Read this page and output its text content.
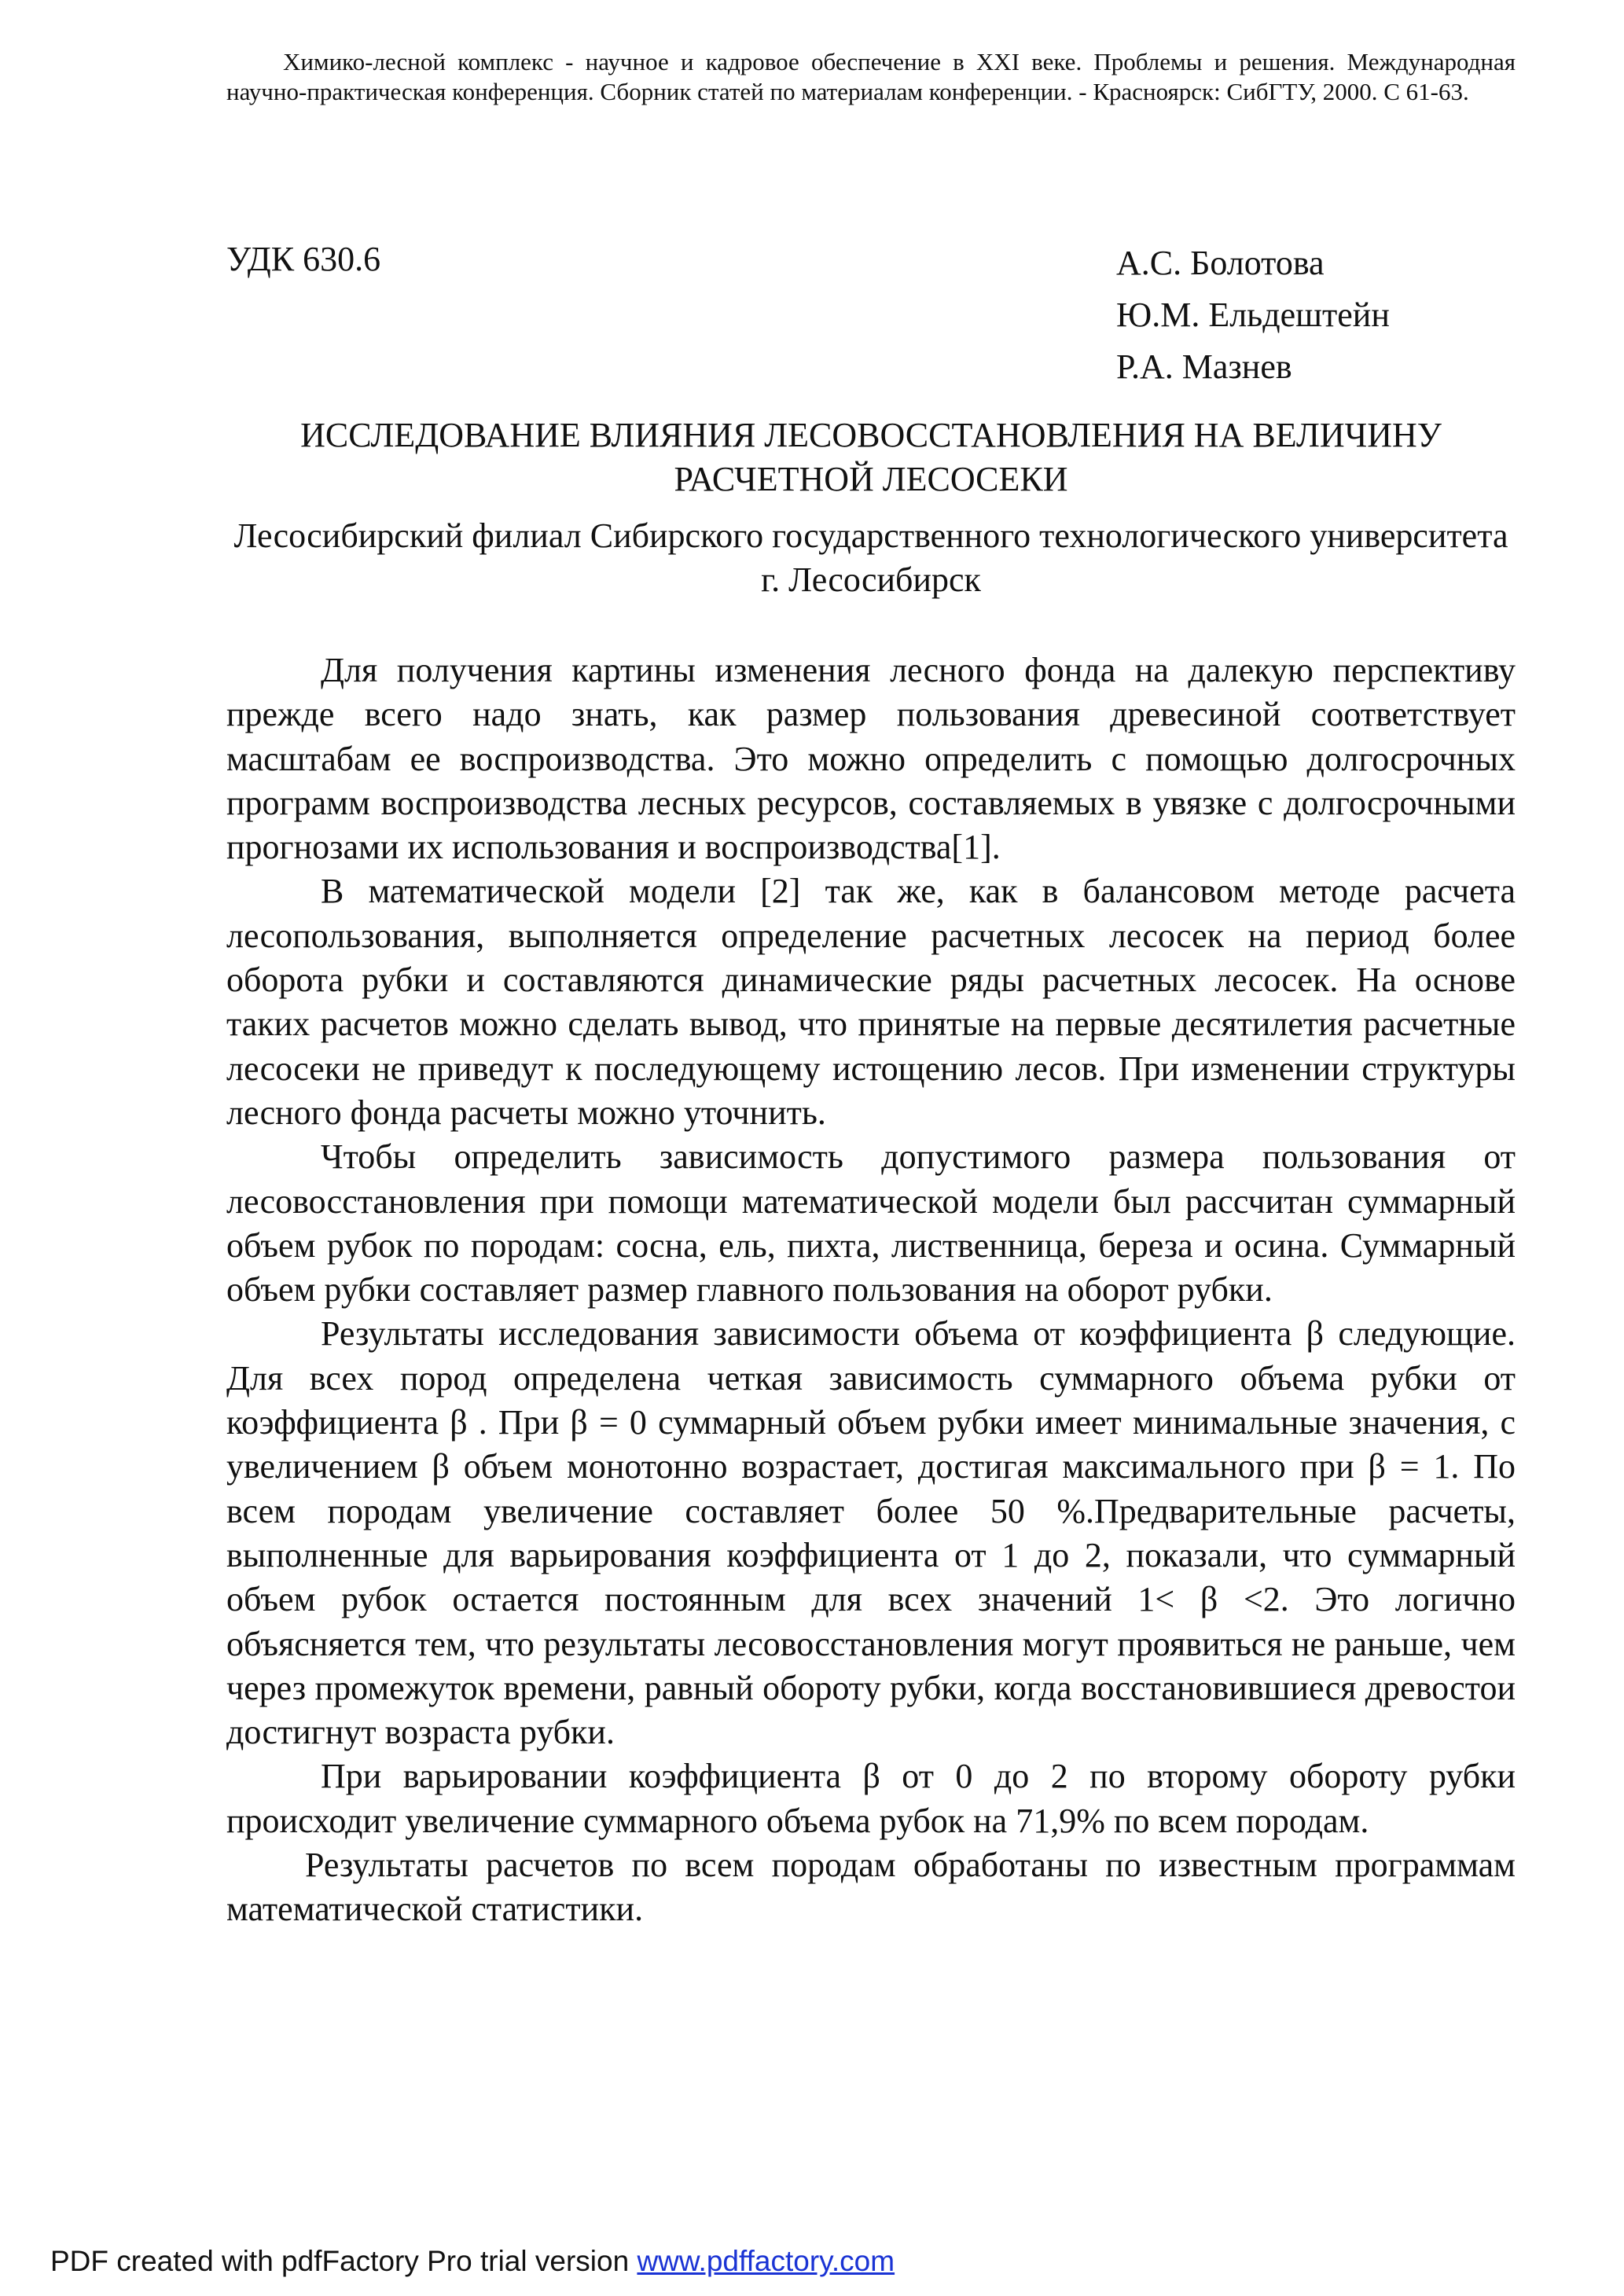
Химико-лесной комплекс - научное и кадровое обеспечение в XXI веке. Проблемы и решения. Международная научно-практическая конференция. Сборник статей по материалам конференции. - Красноярск: СибГТУ, 2000. С 61-63.
УДК 630.6	А.С. Болотова
Ю.М. Ельдештейн
Р.А. Мазнев
ИССЛЕДОВАНИЕ ВЛИЯНИЯ ЛЕСОВОССТАНОВЛЕНИЯ НА ВЕЛИЧИНУ РАСЧЕТНОЙ ЛЕСОСЕКИ
Лесосибирский филиал Сибирского государственного технологического университета г. Лесосибирск

Для получения картины изменения лесного фонда на далекую перспективу прежде всего надо знать, как размер пользования древесиной соответствует масштабам ее воспроизводства. Это можно определить с помощью долгосрочных программ воспроизводства лесных ресурсов, составляемых в увязке с долгосрочными прогнозами их использования и воспроизводства[1].

В математической модели [2] так же, как в балансовом методе расчета лесопользования, выполняется определение расчетных лесосек на период более оборота рубки и составляются динамические ряды расчетных лесосек. На основе таких расчетов можно сделать вывод, что принятые на первые десятилетия расчетные лесосеки не приведут к последующему истощению лесов. При изменении структуры лесного фонда расчеты можно уточнить.

Чтобы определить зависимость допустимого размера пользования от лесовосстановления при помощи математической модели был рассчитан суммарный объем рубок по породам: сосна, ель, пихта, лиственница, береза и осина. Суммарный объем рубки составляет размер главного пользования на оборот рубки.

Результаты исследования зависимости объема от коэффициента β следующие. Для всех пород определена четкая зависимость суммарного объема рубки от коэффициента β . При β = 0 суммарный объем рубки имеет минимальные значения, с увеличением β объем монотонно возрастает, достигая максимального при β = 1. По всем породам увеличение составляет более 50 %.Предварительные расчеты, выполненные для варьирования коэффициента от 1 до 2, показали, что суммарный объем рубок остается постоянным для всех значений 1< β <2. Это логично объясняется тем, что результаты лесовосстановления могут проявиться не раньше, чем через промежуток времени, равный обороту рубки, когда восстановившиеся древостои достигнут возраста рубки.

При варьировании коэффициента β от 0 до 2 по второму обороту рубки происходит увеличение суммарного объема рубок на 71,9% по всем породам.

Результаты расчетов по всем породам обработаны по известным программам математической статистики.

PDF created with pdfFactory Pro trial version www.pdffactory.com
